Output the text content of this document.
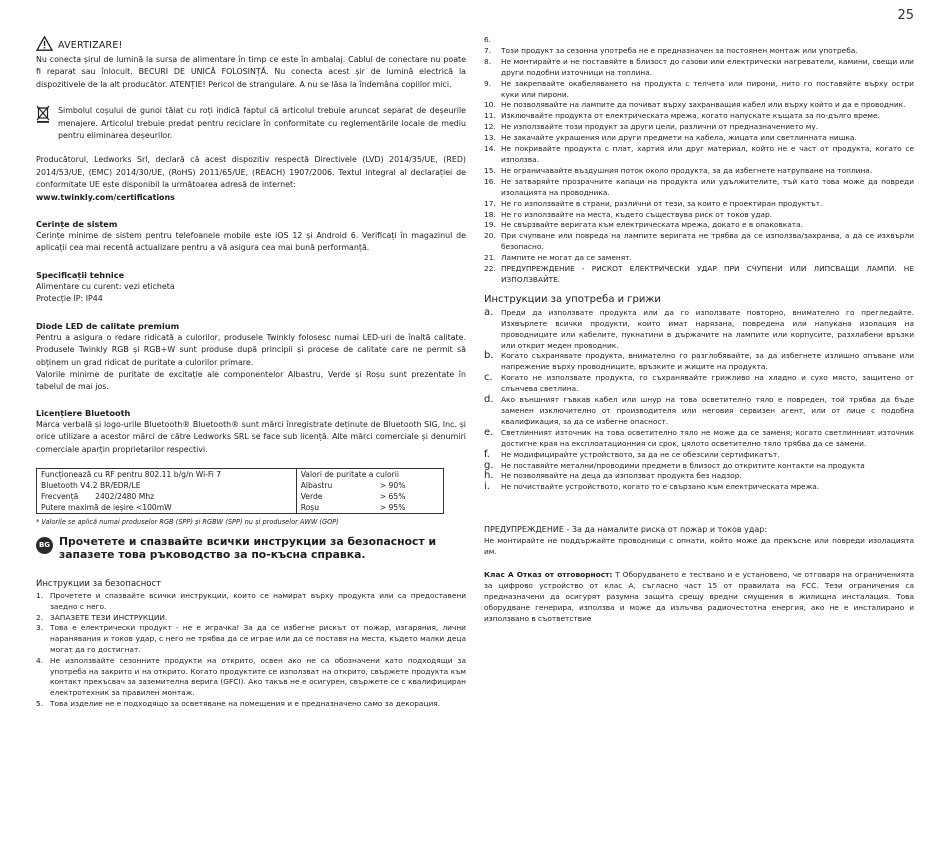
25
AVERTIZARE!

Nu conecta șirul de lumină la sursa de alimentare în timp ce este în ambalaj. Cablul de conectare nu poate fi reparat sau înlocuit. BECURI DE UNICĂ FOLOSINȚĂ. Nu conecta acest șir de lumină electrică la dispozitivele de la alt producător. ATENȚIE! Pericol de strangulare. A nu se lăsa la îndemâna copiilor mici.

Simbolul coșului de gunoi tăiat cu roți indică faptul că articolul trebuie aruncat separat de deșeurile menajere. Articolul trebuie predat pentru reciclare în conformitate cu reglementările locale de mediu pentru eliminarea deșeurilor.

Producătorul, Ledworks Srl, declară că acest dispozitiv respectă Directivele (LVD) 2014/35/UE, (RED) 2014/53/UE, (EMC) 2014/30/UE, (RoHS) 2011/65/UE, (REACH) 1907/2006. Textul integral al declarației de conformitate UE este disponibil la următoarea adresă de internet:

www.twinkly.com/certifications

Cerințe de sistem

Cerințe minime de sistem pentru telefoanele mobile este iOS 12 și Android 6. Verificați în magazinul de aplicații cea mai recentă actualizare pentru a vă asigura cea mai bună performanță.

Specificații tehnice

Alimentare cu curent: vezi eticheta

Protecție IP: IP44

Diode LED de calitate premium

Pentru a asigura o redare ridicată a culorilor, produsele Twinkly folosesc numai LED-uri de înaltă calitate. Produsele Twinkly RGB și RGB+W sunt produse după principii și procese de calitate care ne permit să obținem un grad ridicat de puritate a culorilor primare.

Valorile minime de puritate de excitație ale componentelor Albastru, Verde și Roșu sunt prezentate în tabelul de mai jos.

Licențiere Bluetooth

Marca verbală și logo-urile Bluetooth® Bluetooth® sunt mărci înregistrate deținute de Bluetooth SIG, Inc. și orice utilizare a acestor mărci de către Ledworks SRL se face sub licență. Alte mărci comerciale și denumiri comerciale aparțin proprietarilor respectivi.

Funcționează cu RF pentru 802.11 b/g/n Wi-Fi 7	Valori de puritate a culorii	
Bluetooth V4.2 BR/EDR/LE	Albastru	> 90%
Frecvență 2402/2480 Mhz	Verde	> 65%
Putere maximă de ieșire <100mW	Roșu	> 95%
* Valorile se aplică numai produselor RGB (SPP) și RGBW (SPP) nu și produselor AWW (GOP)
BG Прочетете и спазвайте всички инструкции за безопасност и запазете това ръководство за по-късна справка.
Инструкции за безопасност
1. Прочетете и спазвайте всички инструкции, които се намират върху продукта или са предоставени заедно с него.
2. ЗАПАЗЕТЕ ТЕЗИ ИНСТРУКЦИИ.
3. Това е електрически продукт - не е играчка! За да се избегне рискът от пожар, изгаряния, лични наранявания и токов удар, с него не трябва да се играе или да се поставя на места, където малки деца могат да го достигнат.
4. Не използвайте сезонните продукти на открито, освен ако не са обозначени като подходящи за употреба на закрито и на открито. Когато продуктите се използват на открито, свържете продукта към контакт прекъсвач за заземителна верига (GFCI). Ако такъв не е осигурен, свържете се с квалифициран електротехник за правилен монтаж.
5. Това изделие не е подходящо за осветяване на помещения и е предназначено само за декорация.
6.
7.	Този продукт за сезонна употреба не е предназначен за постоянен монтаж или употреба.
8.	Не монтирайте и не поставяйте в близост до газови или електрически нагреватели, камини, свещи или други подобни източници на топлина.
9.	Не закрепвайте окабеляването на продукта с телчета или пирони, нито го поставяйте върху остри куки или пирони.
10. Не позволявайте на лампите да почиват върху захранващия кабел или върху който и да е проводник.
11. Изключвайте продукта от електрическата мрежа, когато напускате къщата за по-дълго време.
12. Не използвайте този продукт за други цели, различни от предназначението му.
13. Не закачайте украшения или други предмети на кабела, жицата или светлинната нишка.
14. Не покривайте продукта с плат, хартия или друг материал, който не е част от продукта, когато се използва.
15. Не ограничавайте въздушния поток около продукта, за да избегнете натрупване на топлина.
16. Не затваряйте прозрачните капаци на продукта или удължителите, тъй като това може да повреди изолацията на проводника.
17. Не го използвайте в страни, различни от тези, за които е проектиран продуктът.
18. Не го използвайте на места, където съществува риск от токов удар.
19. Не свързвайте веригата към електрическата мрежа, докато е в опаковката.
20. При счупване или повреда на лампите веригата не трябва да се използва/захранва, а да се изхвърли безопасно.
21. Лампите не могат да се заменят.
22. ПРЕДУПРЕЖДЕНИЕ - РИСКОТ ЕЛЕКТРИЧЕСКИ УДАР ПРИ СЧУПЕНИ ИЛИ ЛИПСВАЩИ ЛАМПИ. НЕ ИЗПОЛЗВАЙТЕ.
Инструкции за употреба и грижи
a.	Преди да използвате продукта или да го използвате повторно, внимателно го прегледайте. Изхвърлете всички продукти, които имат нарязана, повредена или напукана изолация на проводниците или кабелите, пукнатини в държачите на лампите или корпусите, разхлабени връзки или открит меден проводник.
b.	Когато съхранявате продукта, внимателно го разглобявайте, за да избегнете излишно опъване или напрежение върху проводниците, връзките и жиците на продукта.
c.	Когато не използвате продукта, го съхранявайте грижливо на хладно и сухо място, защитено от слънчева светлина.
d.	Ако външният гъвкав кабел или шнур на това осветително тяло е повреден, той трябва да бъде заменен изключително от производителя или неговия сервизен агент, или от лице с подобна квалификация, за да се избегне опасност.
e.	Светлинният източник на това осветително тяло не може да се заменя; когато светлинният източник достигне края на експлоатационния си срок, цялото осветително тяло трябва да се замени.
f.	Не модифицирайте устройството, за да не се обезсили сертификатът.
g.	Не поставяйте метални/проводими предмети в близост до откритите контакти на продукта
h.	Не позволявайте на деца да използват продукта без надзор.
i.	Не почиствайте устройството, когато то е свързано към електрическата мрежа.

ПРЕДУПРЕЖДЕНИЕ - За да намалите риска от пожар и токов удар:

Не монтирайте не поддържайте проводници с опнати, който може да прекъсне или повреди изолацията им.

Клас А Отказ от отговорност: Т Оборудването е тествано и е установено, че отговаря на ограниченията за цифрово устройство от клас А, съгласно част 15 от правилата на FCC. Тези ограничения са предназначени да осигурят разумна защита срещу вредни смущения в жилищна инсталация. Това оборудване генерира, използва и може да излъчва радиочестотна енергия, ако не е инсталирано и използвано в съответствие
